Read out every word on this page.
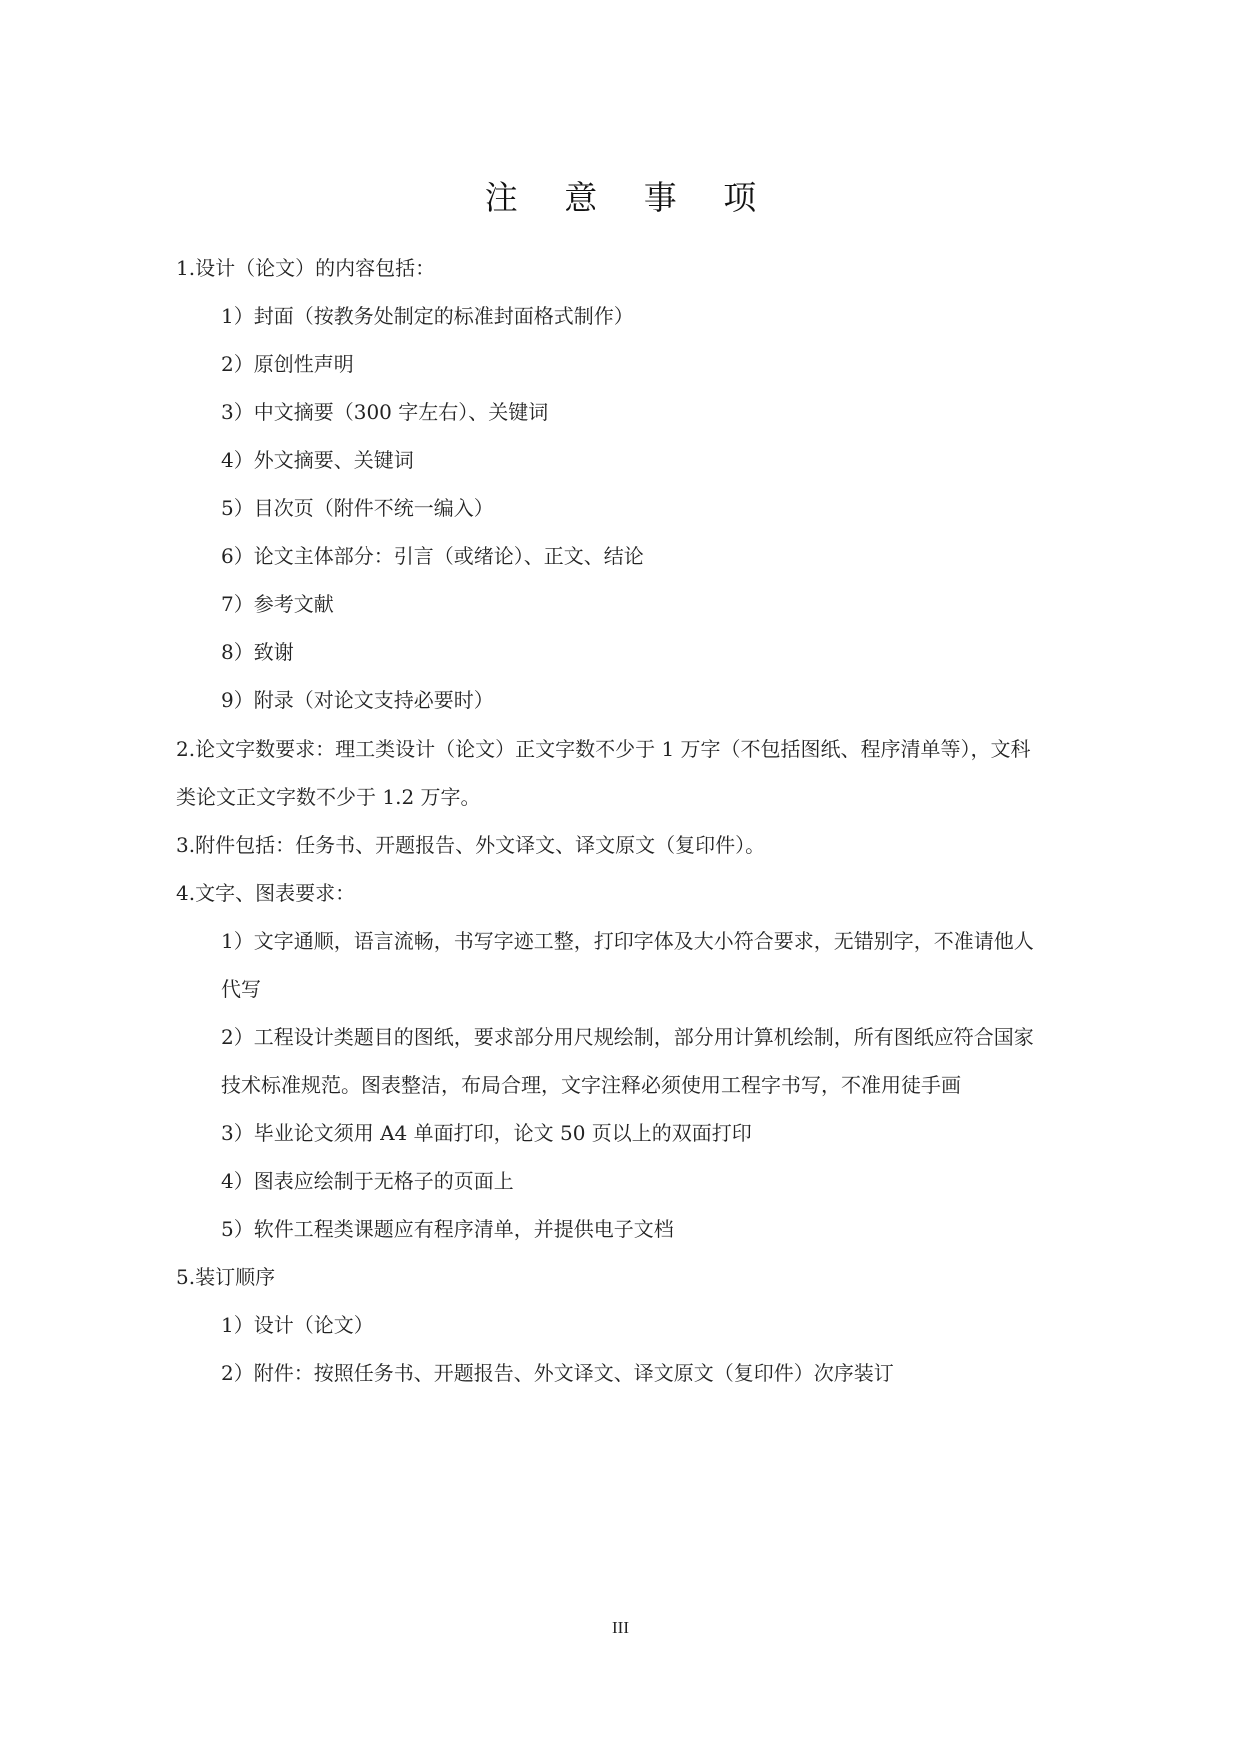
注 意 事 项
1.设计（论文）的内容包括：
1）封面（按教务处制定的标准封面格式制作）
2）原创性声明
3）中文摘要（300 字左右）、关键词
4）外文摘要、关键词
5）目次页（附件不统一编入）
6）论文主体部分：引言（或绪论）、正文、结论
7）参考文献
8）致谢
9）附录（对论文支持必要时）
2.论文字数要求：理工类设计（论文）正文字数不少于 1 万字（不包括图纸、程序清单等），文科
类论文正文字数不少于 1.2 万字。
3.附件包括：任务书、开题报告、外文译文、译文原文（复印件）。
4.文字、图表要求：
1）文字通顺，语言流畅，书写字迹工整，打印字体及大小符合要求，无错别字，不准请他人
代写
2）工程设计类题目的图纸，要求部分用尺规绘制，部分用计算机绘制，所有图纸应符合国家
技术标准规范。图表整洁，布局合理，文字注释必须使用工程字书写，不准用徒手画
3）毕业论文须用 A4 单面打印，论文 50 页以上的双面打印
4）图表应绘制于无格子的页面上
5）软件工程类课题应有程序清单，并提供电子文档
5.装订顺序
1）设计（论文）
2）附件：按照任务书、开题报告、外文译文、译文原文（复印件）次序装订
III
